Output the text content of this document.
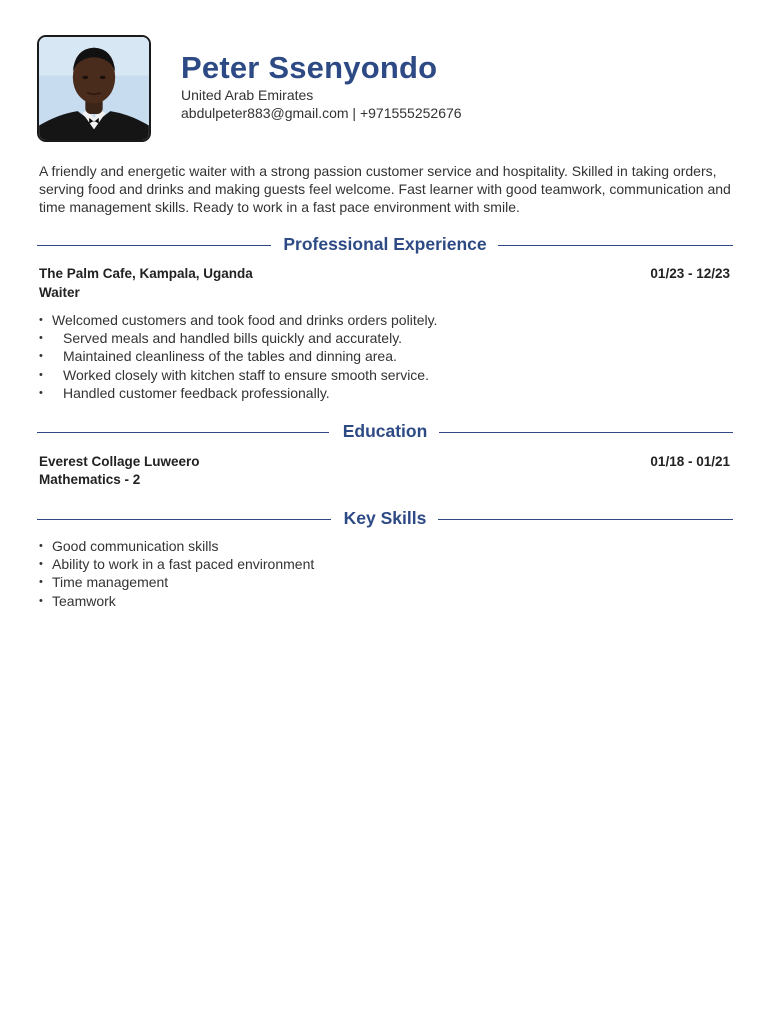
Peter Ssenyondo
United Arab Emirates
abdulpeter883@gmail.com | +971555252676
A friendly and energetic waiter with a strong passion customer service and hospitality. Skilled in taking orders, serving food and drinks and making guests feel welcome. Fast learner with good teamwork, communication and time management skills. Ready to work in a fast pace environment with smile.
Professional Experience
The Palm Cafe, Kampala, Uganda	01/23 - 12/23
Waiter
• Welcomed customers and took food and drinks orders politely.
• Served meals and handled bills quickly and accurately.
• Maintained cleanliness of the tables and dinning area.
• Worked closely with kitchen staff to ensure smooth service.
• Handled customer feedback professionally.
Education
Everest Collage Luweero	01/18 - 01/21
Mathematics - 2
Key Skills
• Good communication skills
• Ability to work in a fast paced environment
• Time management
• Teamwork
